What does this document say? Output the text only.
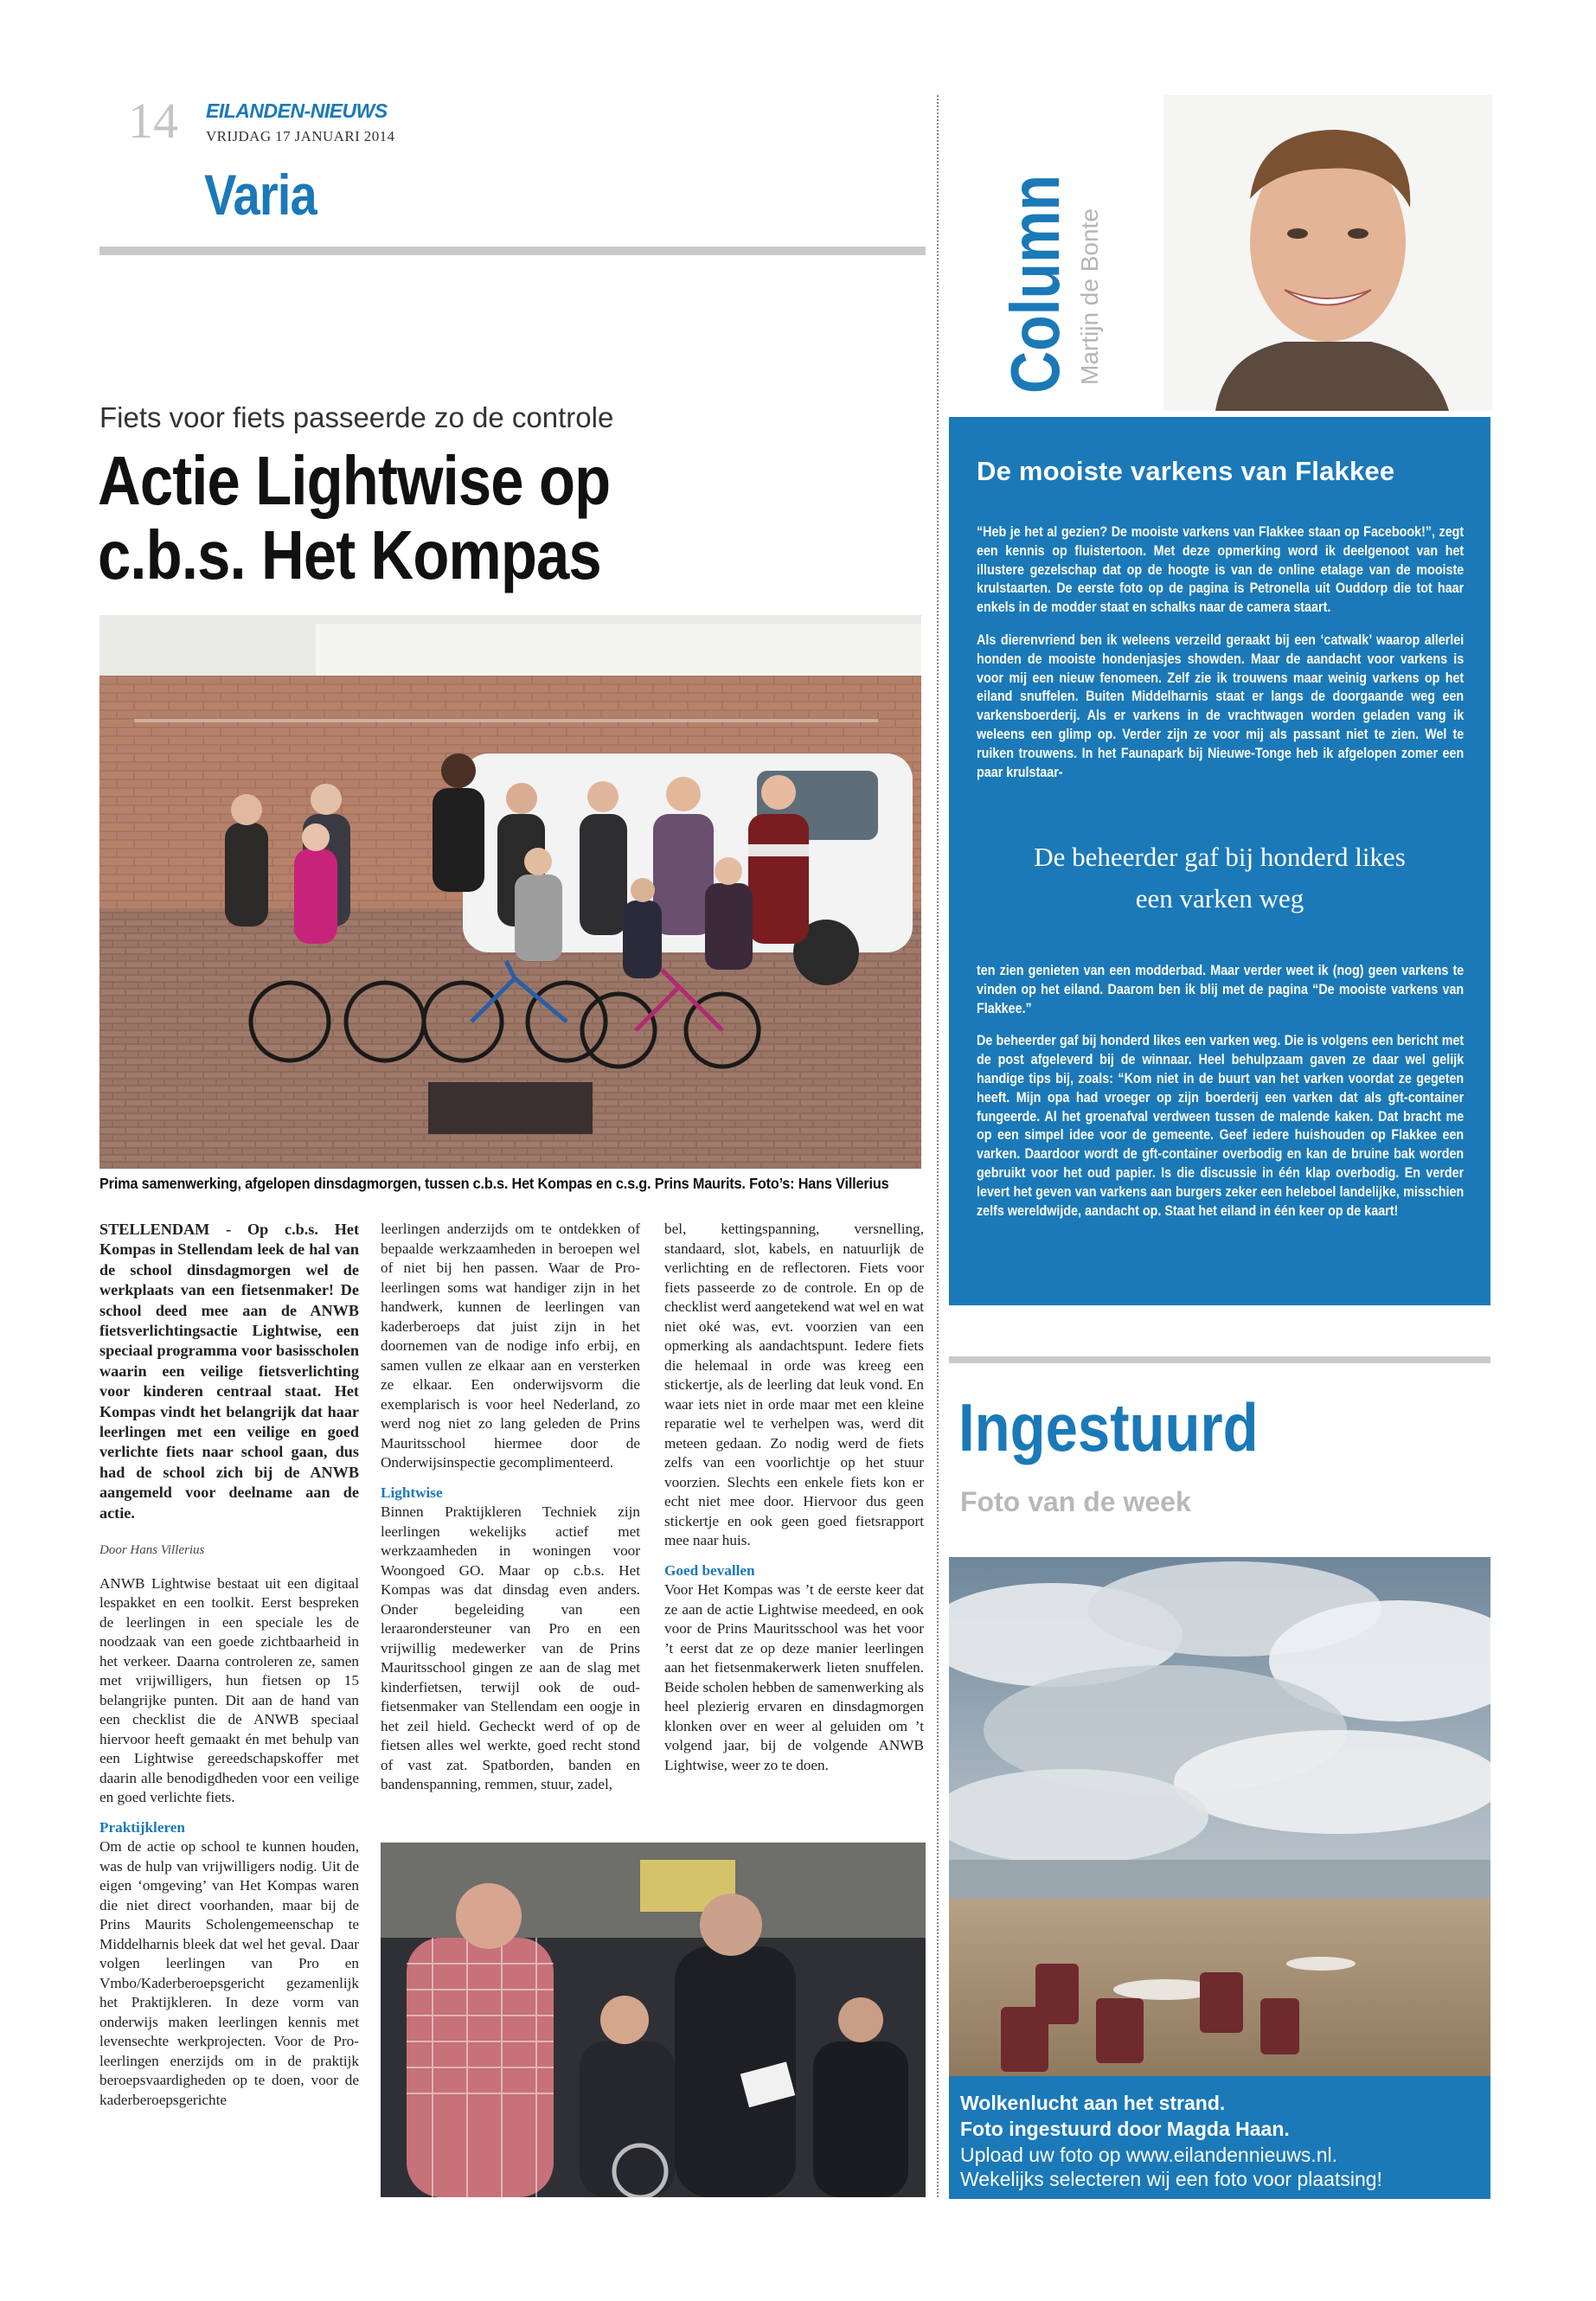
14 EILANDEN-NIEUWS
VRIJDAG 17 JANUARI 2014
Varia
Fiets voor fiets passeerde zo de controle
Actie Lightwise op
c.b.s. Het Kompas
Prima samenwerking, afgelopen dinsdagmorgen, tussen c.b.s. Het Kompas en c.s.g. Prins Maurits. Foto’s: Hans Villerius

STELLENDAM - Op c.b.s. Het Kompas in Stellendam leek de hal van de school dinsdagmorgen wel de werkplaats van een fietsenmaker! De school deed mee aan de ANWB fietsverlichtingsactie Lightwise, een speciaal programma voor basisscholen waarin een veilige fietsverlichting voor kinderen centraal staat. Het Kompas vindt het belangrijk dat haar leerlingen met een veilige en goed verlichte fiets naar school gaan, dus had de school zich bij de ANWB aangemeld voor deelname aan de actie.

Door Hans Villerius

ANWB Lightwise bestaat uit een digitaal lespakket en een toolkit. Eerst bespreken de leerlingen in een speciale les de noodzaak van een goede zichtbaarheid in het verkeer. Daarna controleren ze, samen met vrijwilligers, hun fietsen op 15 belangrijke punten. Dit aan de hand van een checklist die de ANWB speciaal hiervoor heeft gemaakt én met behulp van een Lightwise gereedschapskoffer met daarin alle benodigdheden voor een veilige en goed verlichte fiets.

Praktijkleren

Om de actie op school te kunnen houden, was de hulp van vrijwilligers nodig. Uit de eigen ‘omgeving’ van Het Kompas waren die niet direct voorhanden, maar bij de Prins Maurits Scholengemeenschap te Middelharnis bleek dat wel het geval. Daar volgen leerlingen van Pro en Vmbo/Kaderberoepsgericht gezamenlijk het Praktijkleren. In deze vorm van onderwijs maken leerlingen kennis met levensechte werkprojecten. Voor de Pro-leerlingen enerzijds om in de praktijk beroepsvaardigheden op te doen, voor de kaderberoepsgerichte

leerlingen anderzijds om te ontdekken of bepaalde werkzaamheden in beroepen wel of niet bij hen passen. Waar de Pro-leerlingen soms wat handiger zijn in het handwerk, kunnen de leerlingen van kaderberoeps dat juist zijn in het doornemen van de nodige info erbij, en samen vullen ze elkaar aan en versterken ze elkaar. Een onderwijsvorm die exemplarisch is voor heel Nederland, zo werd nog niet zo lang geleden de Prins Mauritsschool hiermee door de Onderwijsinspectie gecomplimenteerd.

Lightwise

Binnen Praktijkleren Techniek zijn leerlingen wekelijks actief met werkzaamheden in woningen voor Woongoed GO. Maar op c.b.s. Het Kompas was dat dinsdag even anders. Onder begeleiding van een leraarondersteuner van Pro en een vrijwillig medewerker van de Prins Mauritsschool gingen ze aan de slag met kinderfietsen, terwijl ook de oud-fietsenmaker van Stellendam een oogje in het zeil hield. Gecheckt werd of op de fietsen alles wel werkte, goed recht stond of vast zat. Spatborden, banden en bandenspanning, remmen, stuur, zadel,

bel, kettingspanning, versnelling, standaard, slot, kabels, en natuurlijk de verlichting en de reflectoren. Fiets voor fiets passeerde zo de controle. En op de checklist werd aangetekend wat wel en wat niet oké was, evt. voorzien van een opmerking als aandachtspunt. Iedere fiets die helemaal in orde was kreeg een stickertje, als de leerling dat leuk vond. En waar iets niet in orde maar met een kleine reparatie wel te verhelpen was, werd dit meteen gedaan. Zo nodig werd de fiets zelfs van een voorlichtje op het stuur voorzien. Slechts een enkele fiets kon er echt niet mee door. Hiervoor dus geen stickertje en ook geen goed fietsrapport mee naar huis.

Goed bevallen

Voor Het Kompas was ’t de eerste keer dat ze aan de actie Lightwise meedeed, en ook voor de Prins Mauritsschool was het voor ’t eerst dat ze op deze manier leerlingen aan het fietsenmakerwerk lieten snuffelen. Beide scholen hebben de samenwerking als heel plezierig ervaren en dinsdagmorgen klonken over en weer al geluiden om ’t volgend jaar, bij de volgende ANWB Lightwise, weer zo te doen.

Column Martijn de Bonte
De mooiste varkens van Flakkee

“Heb je het al gezien? De mooiste varkens van Flakkee staan op Facebook!”, zegt een kennis op fluistertoon. Met deze opmerking word ik deelgenoot van het illustere gezelschap dat op de hoogte is van de online etalage van de mooiste krulstaarten. De eerste foto op de pagina is Petronella uit Ouddorp die tot haar enkels in de modder staat en schalks naar de camera staart.

Als dierenvriend ben ik weleens verzeild geraakt bij een ‘catwalk’ waarop allerlei honden de mooiste hondenjasjes showden. Maar de aandacht voor varkens is voor mij een nieuw fenomeen. Zelf zie ik trouwens maar weinig varkens op het eiland snuffelen. Buiten Middelharnis staat er langs de doorgaande weg een varkensboerderij. Als er varkens in de vrachtwagen worden geladen vang ik weleens een glimp op. Verder zijn ze voor mij als passant niet te zien. Wel te ruiken trouwens. In het Faunapark bij Nieuwe-Tonge heb ik afgelopen zomer een paar krulstaar-

De beheerder gaf bij honderd likes
een varken weg

ten zien genieten van een modderbad. Maar verder weet ik (nog) geen varkens te vinden op het eiland. Daarom ben ik blij met de pagina “De mooiste varkens van Flakkee.”

De beheerder gaf bij honderd likes een varken weg. Die is volgens een bericht met de post afgeleverd bij de winnaar. Heel behulpzaam gaven ze daar wel gelijk handige tips bij, zoals: “Kom niet in de buurt van het varken voordat ze gegeten heeft. Mijn opa had vroeger op zijn boerderij een varken dat als gft-container fungeerde. Al het groenafval verdween tussen de malende kaken. Dat bracht me op een simpel idee voor de gemeente. Geef iedere huishouden op Flakkee een varken. Daardoor wordt de gft-container overbodig en kan de bruine bak worden gebruikt voor het oud papier. Is die discussie in één klap overbodig. En verder levert het geven van varkens aan burgers zeker een heleboel landelijke, misschien zelfs wereldwijde, aandacht op. Staat het eiland in één keer op de kaart!

Ingestuurd
Foto van de week
Wolkenlucht aan het strand.
Foto ingestuurd door Magda Haan.
Upload uw foto op www.eilandennieuws.nl.
Wekelijks selecteren wij een foto voor plaatsing!
